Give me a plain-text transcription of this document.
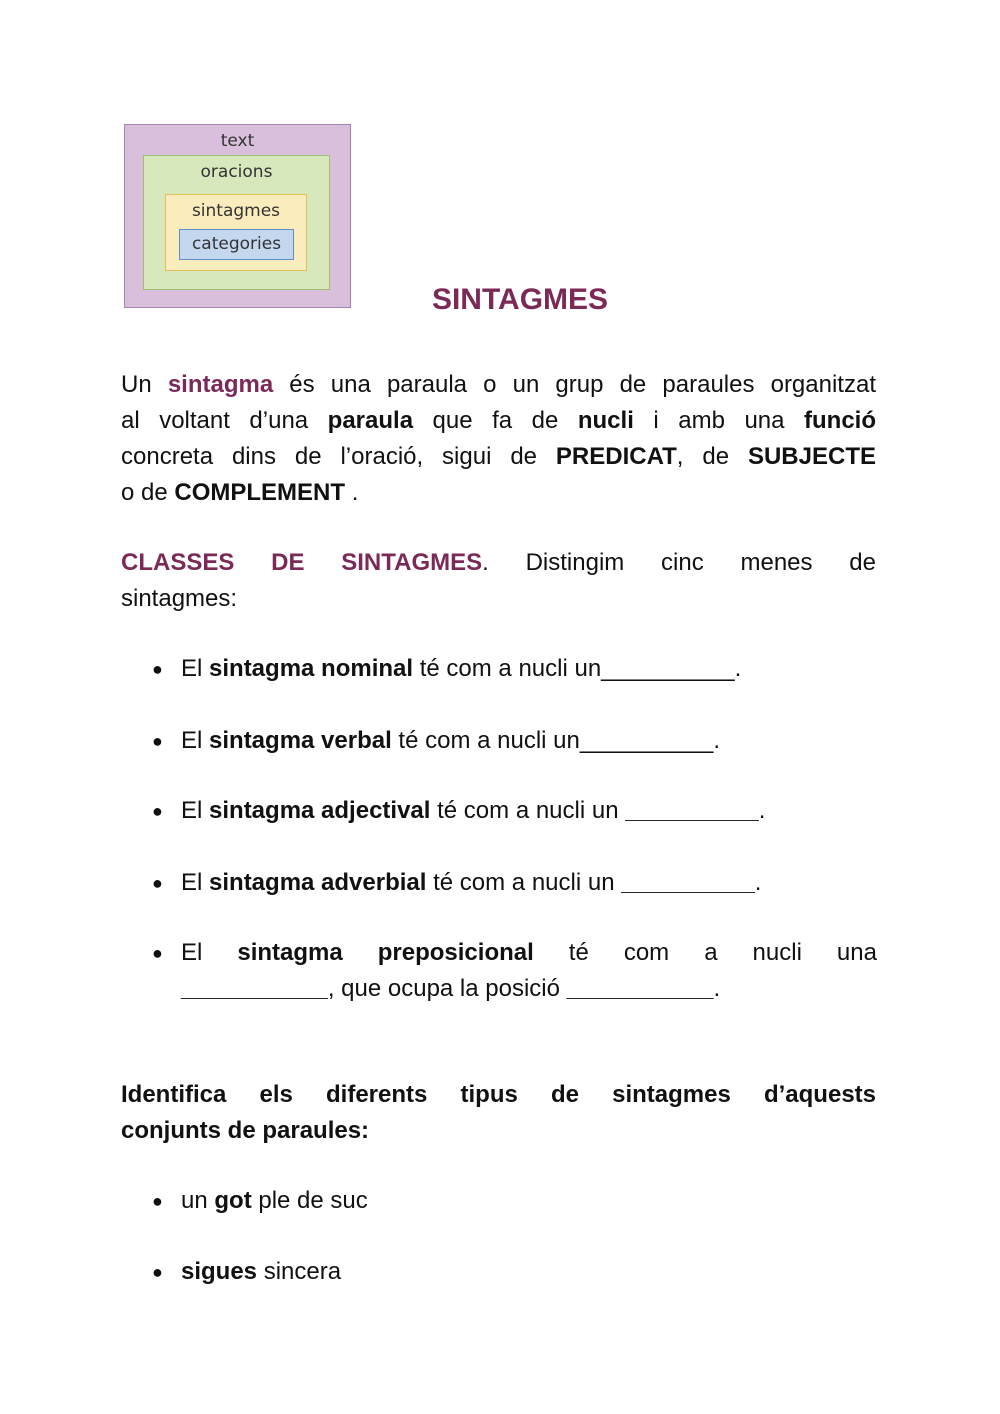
text
oracions
sintagmes
categories
SINTAGMES
Un sintagma és una paraula o un grup de paraules organitzat
al voltant d’una paraula que fa de nucli i amb una funció
concreta dins de l’oració, sigui de PREDICAT, de SUBJECTE
o de COMPLEMENT .
CLASSES DE SINTAGMES. Distingim cinc menes de
sintagmes:
● El sintagma nominal té com a nucli un__________.
● El sintagma verbal té com a nucli un__________.
● El sintagma adjectival té com a nucli un __________.
● El sintagma adverbial té com a nucli un __________.
● El sintagma preposicional té com a nucli una
___________, que ocupa la posició ___________.
Identifica els diferents tipus de sintagmes d’aquests
conjunts de paraules:
● un got ple de suc
● sigues sincera
